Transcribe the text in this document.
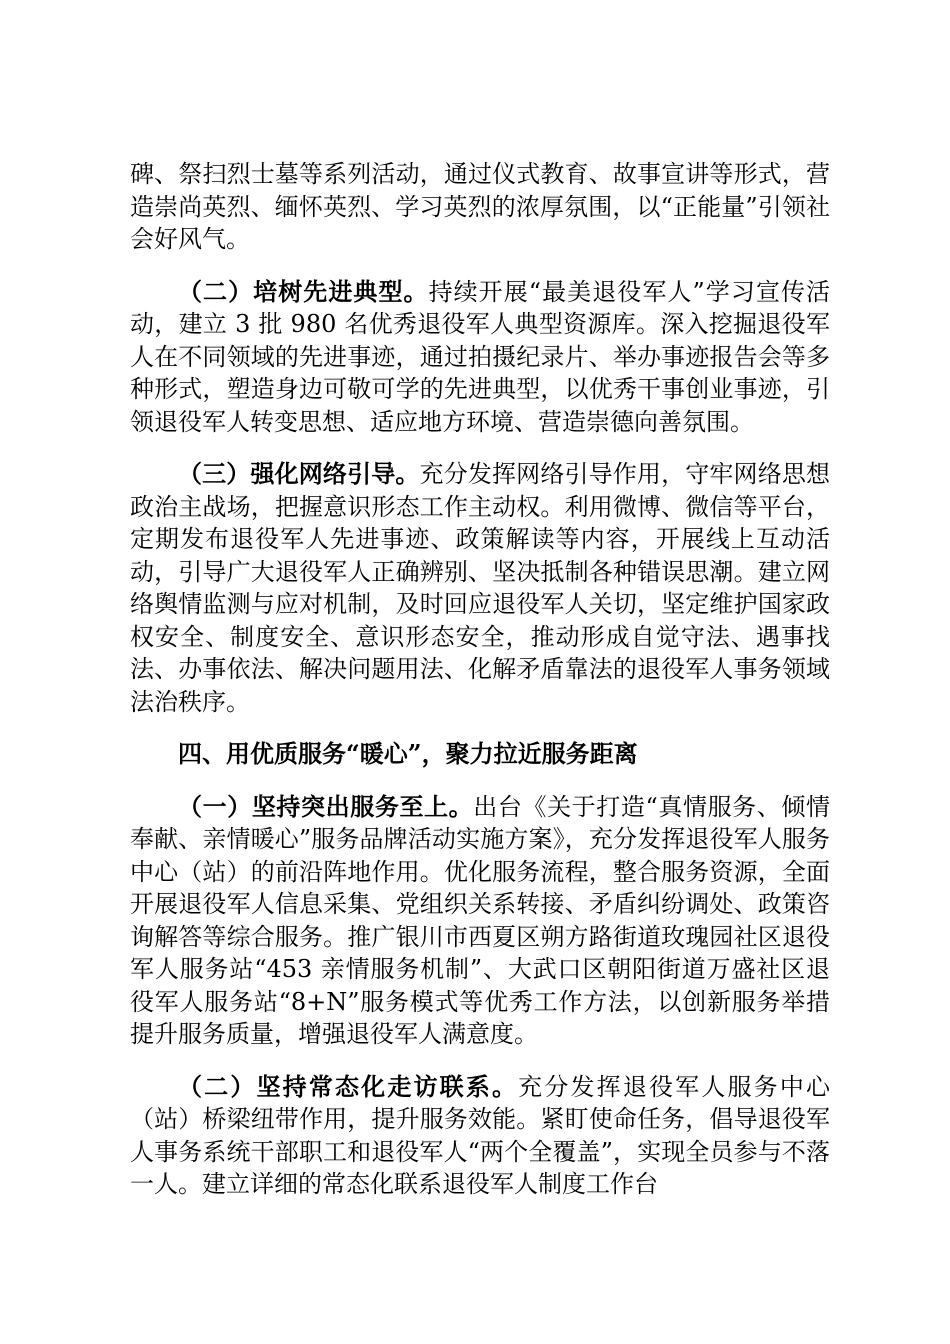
碑、祭扫烈士墓等系列活动，通过仪式教育、故事宣讲等形式，营造崇尚英烈、缅怀英烈、学习英烈的浓厚氛围，以“正能量”引领社会好风气。

（二）培树先进典型。持续开展“最美退役军人”学习宣传活动，建立 3 批 980 名优秀退役军人典型资源库。深入挖掘退役军人在不同领域的先进事迹，通过拍摄纪录片、举办事迹报告会等多种形式，塑造身边可敬可学的先进典型，以优秀干事创业事迹，引领退役军人转变思想、适应地方环境、营造崇德向善氛围。

（三）强化网络引导。充分发挥网络引导作用，守牢网络思想政治主战场，把握意识形态工作主动权。利用微博、微信等平台，定期发布退役军人先进事迹、政策解读等内容，开展线上互动活动，引导广大退役军人正确辨别、坚决抵制各种错误思潮。建立网络舆情监测与应对机制，及时回应退役军人关切，坚定维护国家政权安全、制度安全、意识形态安全，推动形成自觉守法、遇事找法、办事依法、解决问题用法、化解矛盾靠法的退役军人事务领域法治秩序。

四、用优质服务“暖心”，聚力拉近服务距离

（一）坚持突出服务至上。出台《关于打造“真情服务、倾情奉献、亲情暖心”服务品牌活动实施方案》，充分发挥退役军人服务中心（站）的前沿阵地作用。优化服务流程，整合服务资源，全面开展退役军人信息采集、党组织关系转接、矛盾纠纷调处、政策咨询解答等综合服务。推广银川市西夏区朔方路街道玫瑰园社区退役军人服务站“453 亲情服务机制”、大武口区朝阳街道万盛社区退役军人服务站“8+N”服务模式等优秀工作方法，以创新服务举措提升服务质量，增强退役军人满意度。

（二）坚持常态化走访联系。充分发挥退役军人服务中心（站）桥梁纽带作用，提升服务效能。紧盯使命任务，倡导退役军人事务系统干部职工和退役军人“两个全覆盖”，实现全员参与不落一人。建立详细的常态化联系退役军人制度工作台
